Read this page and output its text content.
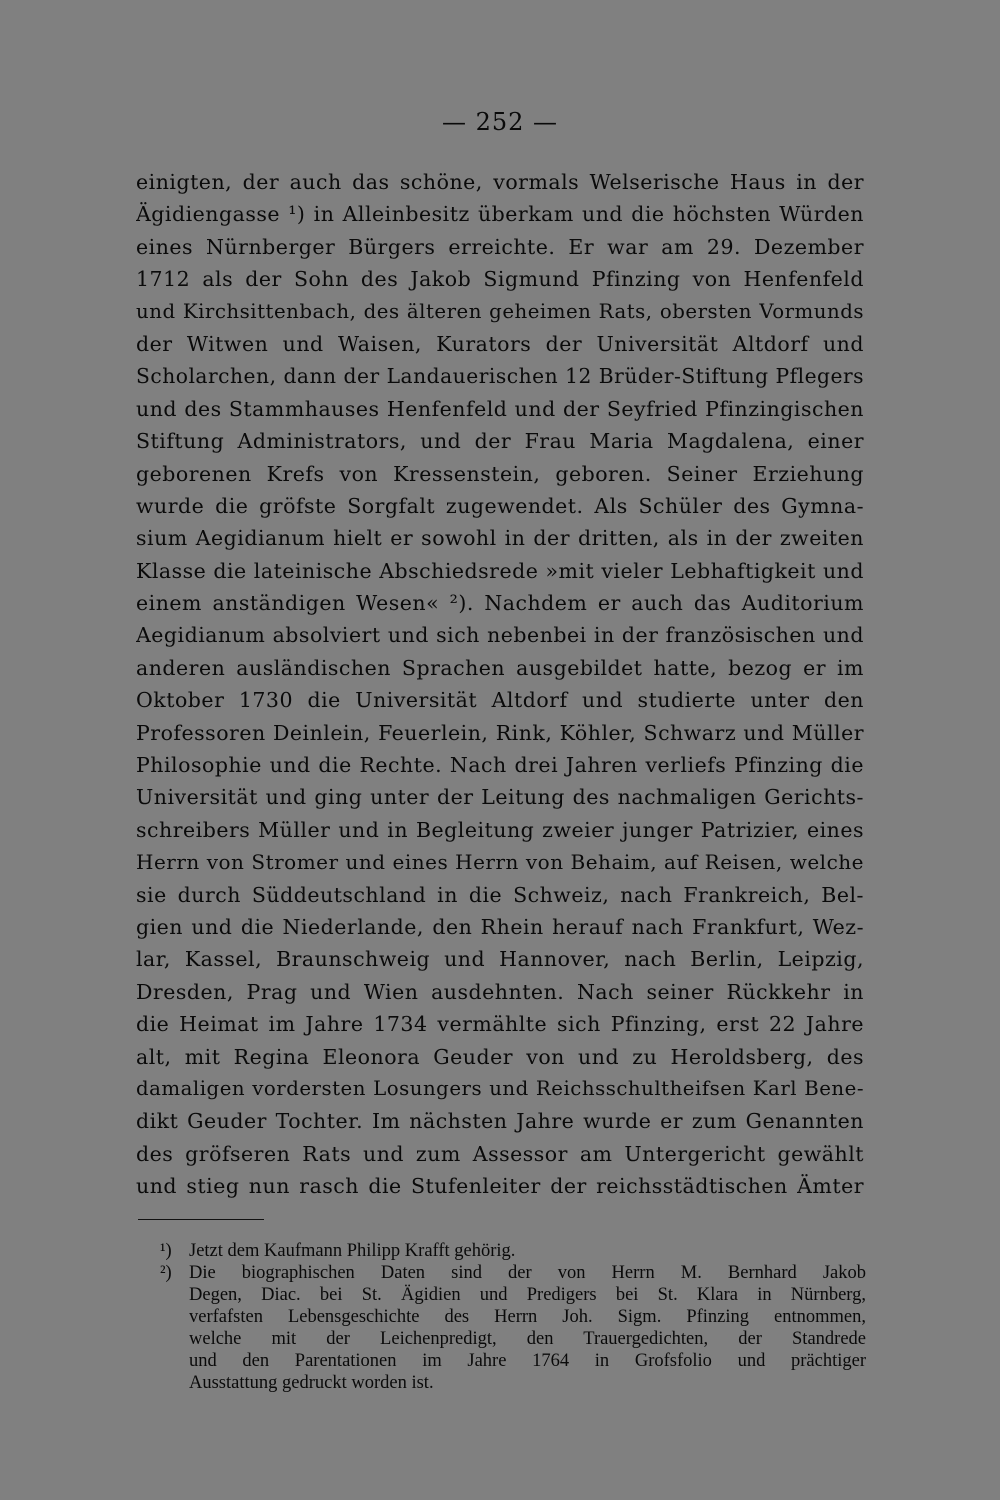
— 252 —
einigten, der auch das schöne, vormals Welserische Haus in der
Ägidiengasse ¹) in Alleinbesitz überkam und die höchsten Würden
eines Nürnberger Bürgers erreichte. Er war am 29. Dezember
1712 als der Sohn des Jakob Sigmund Pfinzing von Henfenfeld
und Kirchsittenbach, des älteren geheimen Rats, obersten Vormunds
der Witwen und Waisen, Kurators der Universität Altdorf und
Scholarchen, dann der Landauerischen 12 Brüder-Stiftung Pflegers
und des Stammhauses Henfenfeld und der Seyfried Pfinzingischen
Stiftung Administrators, und der Frau Maria Magdalena, einer
geborenen Krefs von Kressenstein, geboren. Seiner Erziehung
wurde die gröfste Sorgfalt zugewendet. Als Schüler des Gymna-
sium Aegidianum hielt er sowohl in der dritten, als in der zweiten
Klasse die lateinische Abschiedsrede »mit vieler Lebhaftigkeit und
einem anständigen Wesen« ²). Nachdem er auch das Auditorium
Aegidianum absolviert und sich nebenbei in der französischen und
anderen ausländischen Sprachen ausgebildet hatte, bezog er im
Oktober 1730 die Universität Altdorf und studierte unter den
Professoren Deinlein, Feuerlein, Rink, Köhler, Schwarz und Müller
Philosophie und die Rechte. Nach drei Jahren verliefs Pfinzing die
Universität und ging unter der Leitung des nachmaligen Gerichts-
schreibers Müller und in Begleitung zweier junger Patrizier, eines
Herrn von Stromer und eines Herrn von Behaim, auf Reisen, welche
sie durch Süddeutschland in die Schweiz, nach Frankreich, Bel-
gien und die Niederlande, den Rhein herauf nach Frankfurt, Wez-
lar, Kassel, Braunschweig und Hannover, nach Berlin, Leipzig,
Dresden, Prag und Wien ausdehnten. Nach seiner Rückkehr in
die Heimat im Jahre 1734 vermählte sich Pfinzing, erst 22 Jahre
alt, mit Regina Eleonora Geuder von und zu Heroldsberg, des
damaligen vordersten Losungers und Reichsschultheifsen Karl Bene-
dikt Geuder Tochter. Im nächsten Jahre wurde er zum Genannten
des gröfseren Rats und zum Assessor am Untergericht gewählt
und stieg nun rasch die Stufenleiter der reichsstädtischen Ämter
¹) Jetzt dem Kaufmann Philipp Krafft gehörig.
²) Die biographischen Daten sind der von Herrn M. Bernhard Jakob
Degen, Diac. bei St. Ägidien und Predigers bei St. Klara in Nürnberg,
verfafsten Lebensgeschichte des Herrn Joh. Sigm. Pfinzing entnommen,
welche mit der Leichenpredigt, den Trauergedichten, der Standrede
und den Parentationen im Jahre 1764 in Grofsfolio und prächtiger
Ausstattung gedruckt worden ist.
